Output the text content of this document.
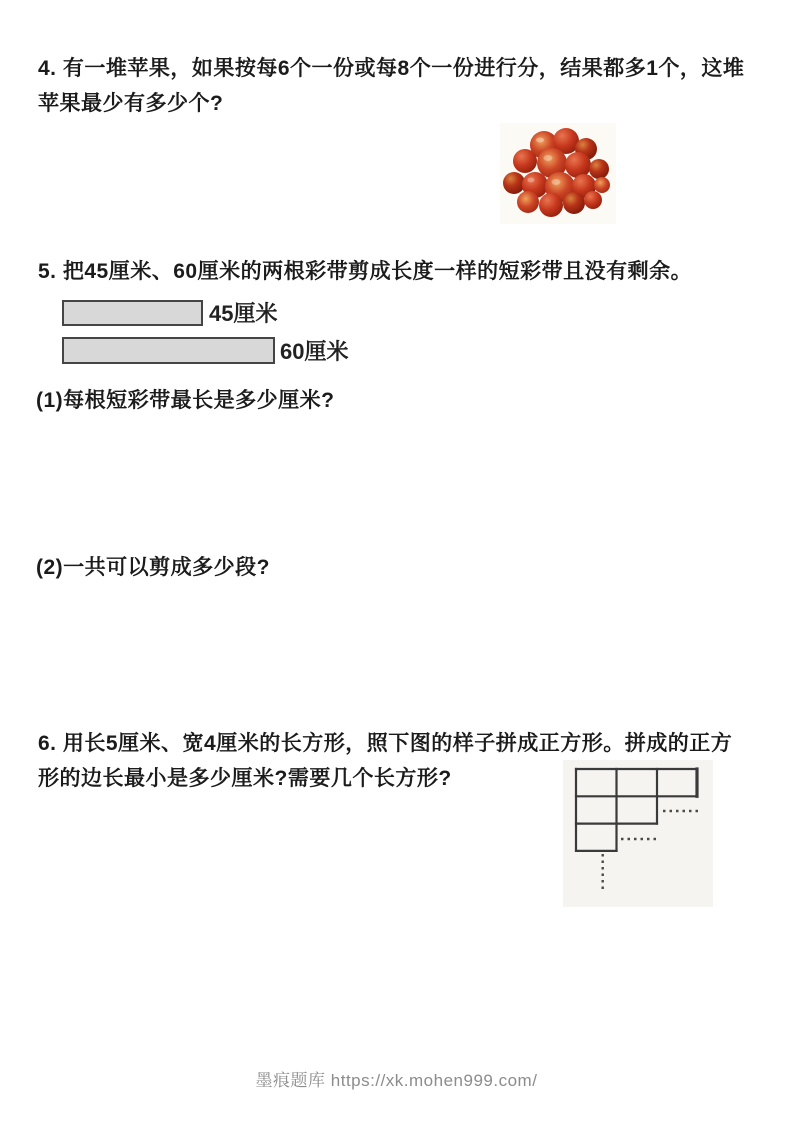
4. 有一堆苹果，如果按每6个一份或每8个一份进行分，结果都多1个，这堆
苹果最少有多少个?
5. 把45厘米、60厘米的两根彩带剪成长度一样的短彩带且没有剩余。
45厘米
60厘米
(1)每根短彩带最长是多少厘米?
(2)一共可以剪成多少段?
6. 用长5厘米、宽4厘米的长方形，照下图的样子拼成正方形。拼成的正方
形的边长最小是多少厘米?需要几个长方形?
墨痕题库 https://xk.mohen999.com/
